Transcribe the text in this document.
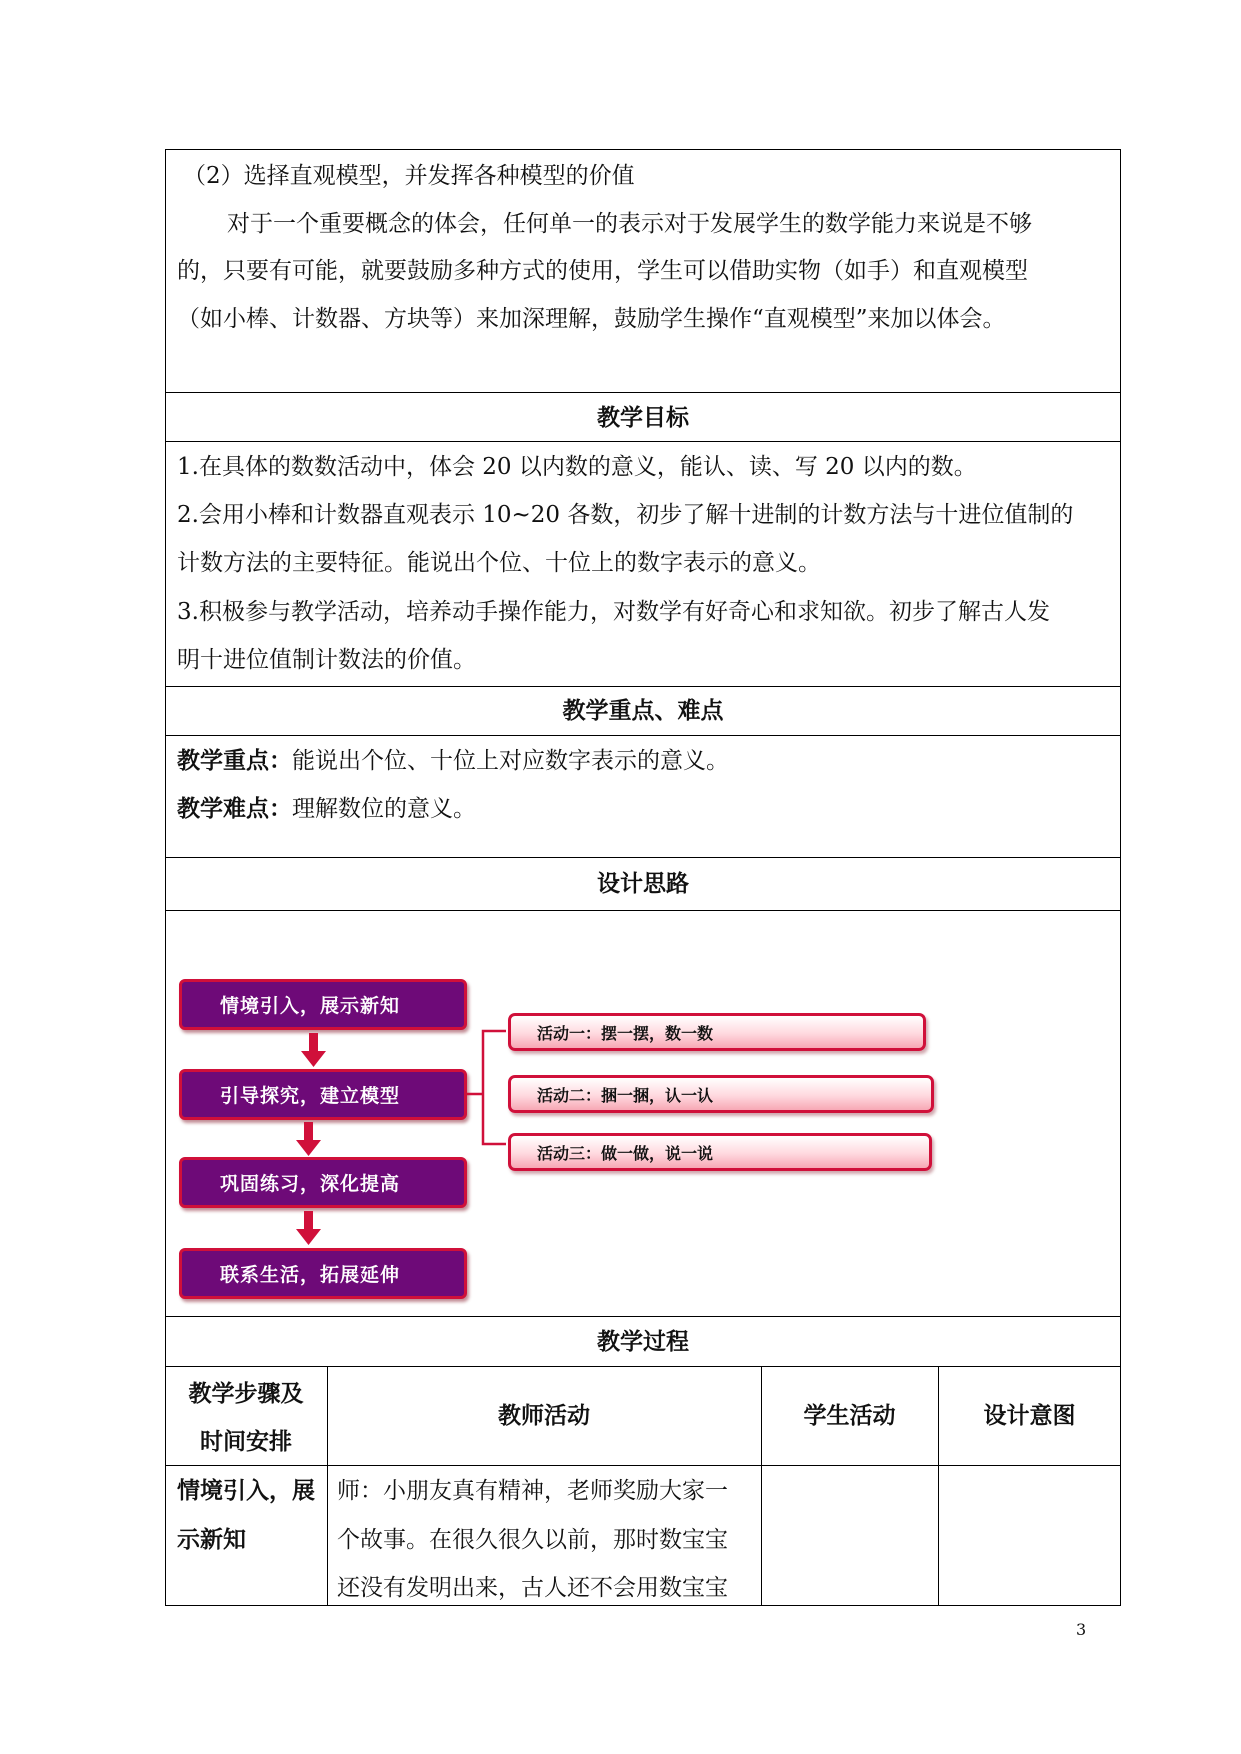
（2）选择直观模型，并发挥各种模型的价值
对于一个重要概念的体会，任何单一的表示对于发展学生的数学能力来说是不够
的，只要有可能，就要鼓励多种方式的使用，学生可以借助实物（如手）和直观模型
（如小棒、计数器、方块等）来加深理解，鼓励学生操作“直观模型”来加以体会。
教学目标
1.在具体的数数活动中，体会 20 以内数的意义，能认、读、写 20 以内的数。
2.会用小棒和计数器直观表示 10~20 各数，初步了解十进制的计数方法与十进位值制的
计数方法的主要特征。能说出个位、十位上的数字表示的意义。
3.积极参与教学活动，培养动手操作能力，对数学有好奇心和求知欲。初步了解古人发
明十进位值制计数法的价值。
教学重点、难点
教学重点：能说出个位、十位上对应数字表示的意义。
教学难点：理解数位的意义。
设计思路
情境引入，展示新知
引导探究，建立模型
巩固练习，深化提高
联系生活，拓展延伸
活动一：摆一摆，数一数
活动二：捆一捆，认一认
活动三：做一做，说一说
教学过程
教学步骤及
时间安排
教师活动	学生活动	设计意图
情境引入，展
示新知
师：小朋友真有精神，老师奖励大家一
个故事。在很久很久以前，那时数宝宝
还没有发明出来，古人还不会用数宝宝
3
